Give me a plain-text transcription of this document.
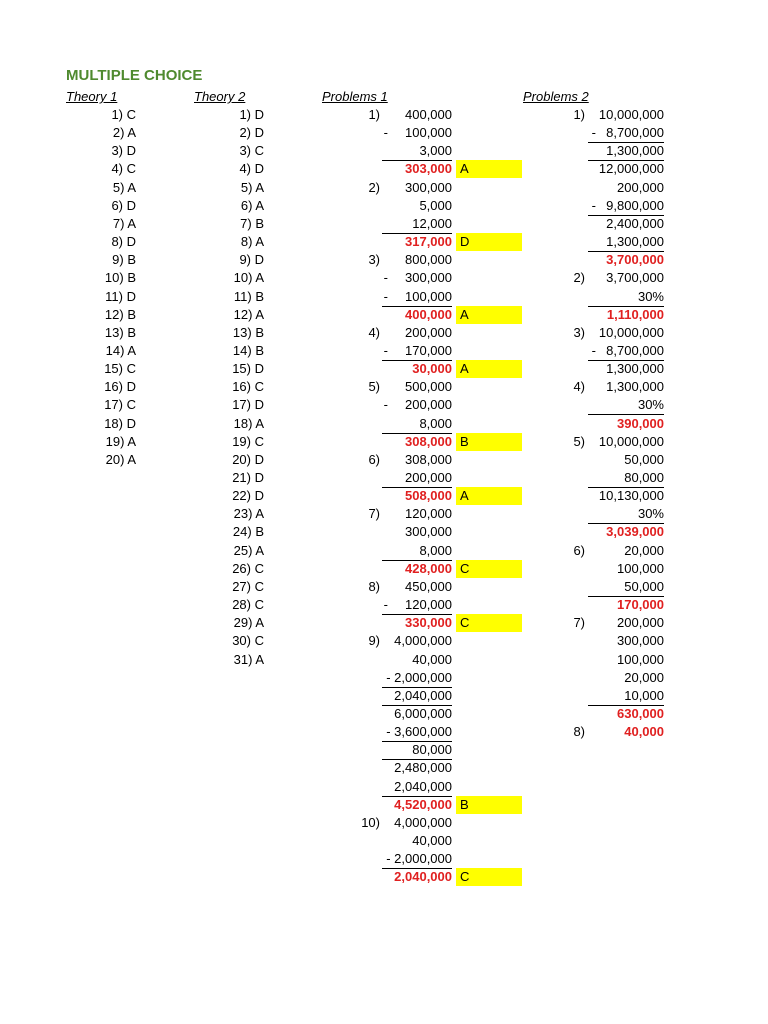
MULTIPLE CHOICE
Theory 1	Theory 2	Problems 1	Problems 2
1) C
2) A
3) D
4) C
5) A
6) D
7) A
8) D
9) B
10) B
11) D
12) B
13) B
14) A
15) C
16) D
17) C
18) D
19) A
20) A
1) D
2) D
3) C
4) D
5) A
6) A
7) B
8) A
9) D
10) A
11) B
12) A
13) B
14) B
15) D
16) C
17) D
18) A
19) C
20) D
21) D
22) D
23) A
24) B
25) A
26) C
27) C
28) C
29) A
30) C
31) A
1)	400,000
-	100,000
3,000
303,000 A
2)	300,000
5,000
12,000
317,000 D
3)	800,000
-	300,000
-	100,000
400,000 A
4)	200,000
-	170,000
30,000 A
5)	500,000
-	200,000
8,000
308,000 B
6)	308,000
200,000
508,000 A
7)	120,000
300,000
8,000
428,000 C
8)	450,000
-	120,000
330,000 C
9)	4,000,000
40,000
- 2,000,000
2,040,000
6,000,000
- 3,600,000
80,000
2,480,000
2,040,000
4,520,000 B
10)	4,000,000
40,000
- 2,000,000
2,040,000 C
1)	10,000,000
- 8,700,000
1,300,000
12,000,000
200,000
- 9,800,000
2,400,000
1,300,000
3,700,000
2)	3,700,000
30%
1,110,000
3)	10,000,000
- 8,700,000
1,300,000
4)	1,300,000
30%
390,000
5)	10,000,000
50,000
80,000
10,130,000
30%
3,039,000
6)	20,000
100,000
50,000
170,000
7)	200,000
300,000
100,000
20,000
10,000
630,000
8)	40,000
